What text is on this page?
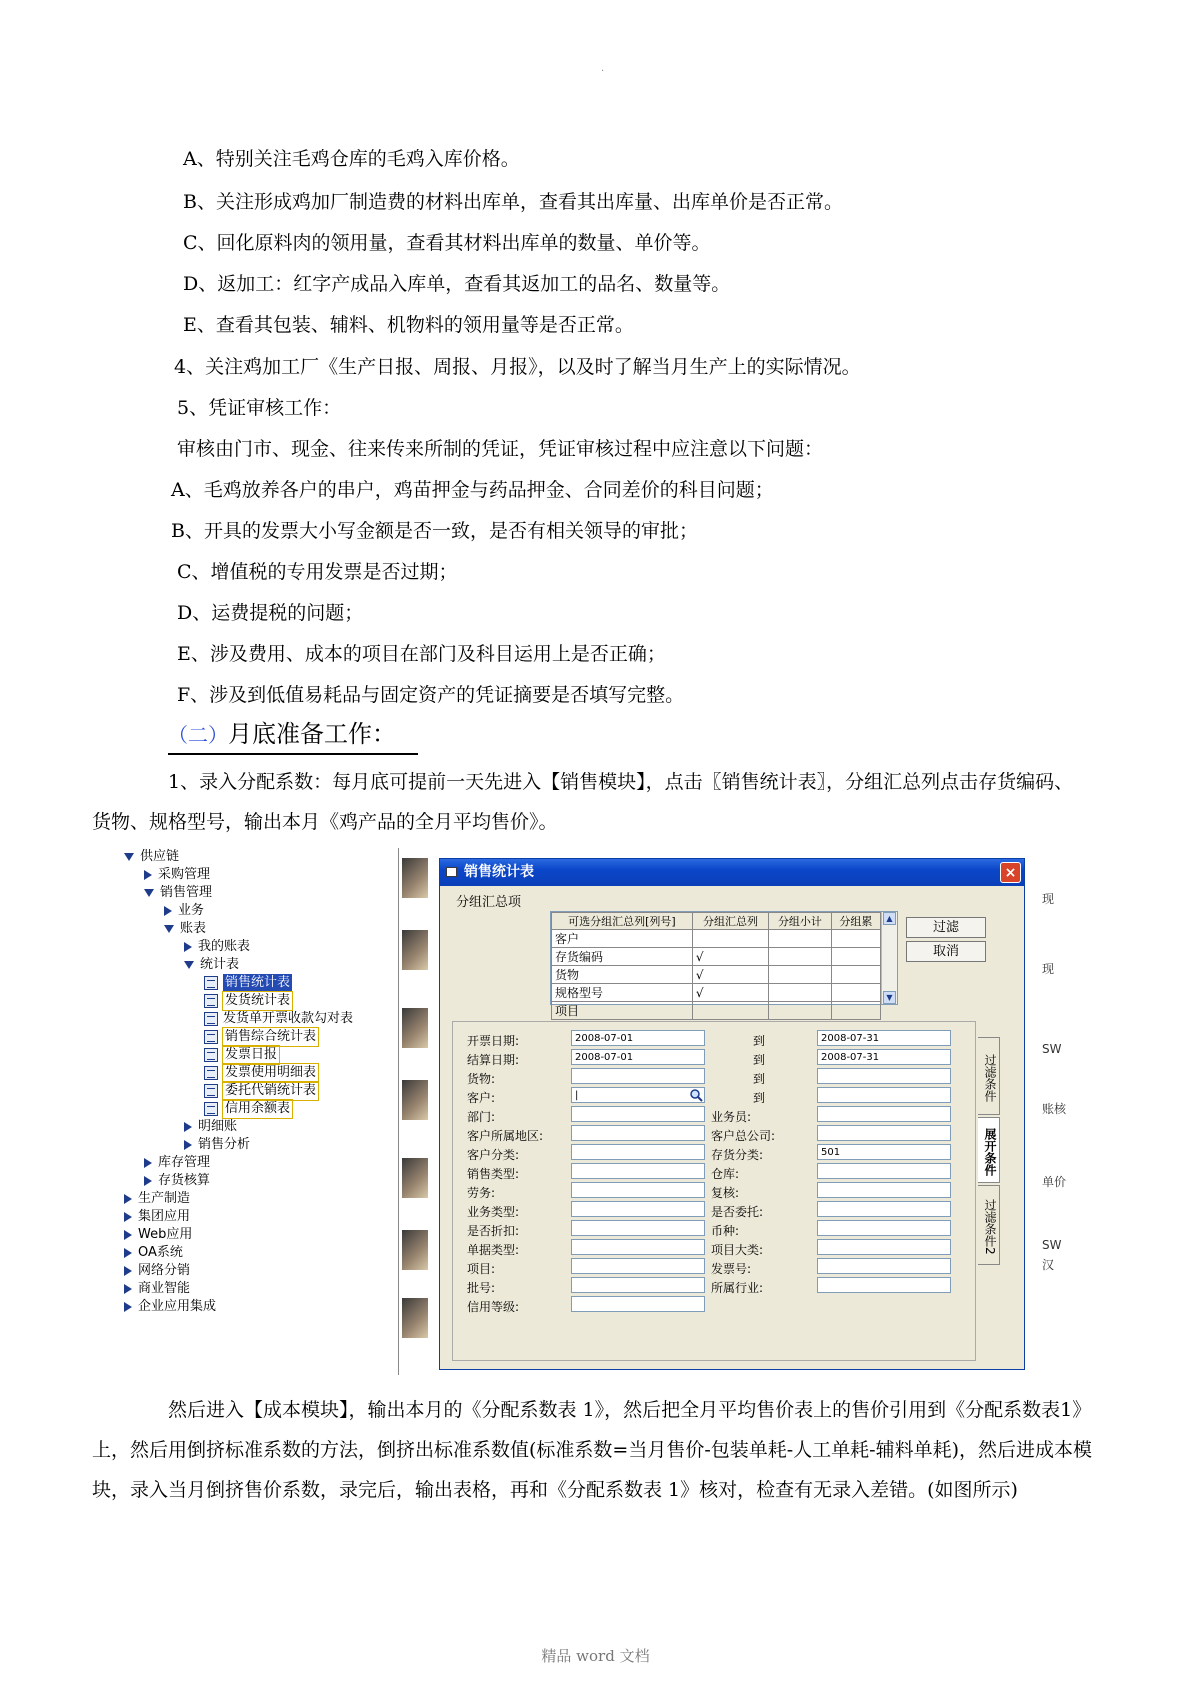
·
A、特别关注毛鸡仓库的毛鸡入库价格。
B、关注形成鸡加厂制造费的材料出库单，查看其出库量、出库单价是否正常。
C、回化原料肉的领用量，查看其材料出库单的数量、单价等。
D、返加工：红字产成品入库单，查看其返加工的品名、数量等。
E、查看其包装、辅料、机物料的领用量等是否正常。
4、关注鸡加工厂《生产日报、周报、月报》，以及时了解当月生产上的实际情况。
5、凭证审核工作：
审核由门市、现金、往来传来所制的凭证，凭证审核过程中应注意以下问题：
A、毛鸡放养各户的串户，鸡苗押金与药品押金、合同差价的科目问题；
B、开具的发票大小写金额是否一致，是否有相关领导的审批；
C、增值税的专用发票是否过期；
D、运费提税的问题；
E、涉及费用、成本的项目在部门及科目运用上是否正确；
F、涉及到低值易耗品与固定资产的凭证摘要是否填写完整。
（二）月底准备工作：
1、录入分配系数：每月底可提前一天先进入【销售模块】，点击〖销售统计表〗，分组汇总列点击存货编码、货物、规格型号，输出本月《鸡产品的全月平均售价》。
供应链
采购管理
销售管理
业务
账表
我的账表
统计表
销售统计表
发货统计表
发货单开票收款勾对表
销售综合统计表
发票日报
发票使用明细表
委托代销统计表
信用余额表
明细账
销售分析
库存管理
存货核算
生产制造
集团应用
Web应用
OA系统
网络分销
商业智能
企业应用集成
现
现
SW
账核
单价
SW
汉
销售统计表	×
分组汇总项
可选分组汇总列[列号]	分组汇总列	分组小计	分组累
客户			
存货编码	√		
货物	√		
规格型号	√		
项目			
▲
▼
过滤
取消
开票日期:	2008-07-01	到	2008-07-31
结算日期:	2008-07-01	到	2008-07-31
货物:	到
客户:	|	到
部门:	业务员:
客户所属地区:	客户总公司:
客户分类:	存货分类:	501
销售类型:	仓库:
劳务:	复核:
业务类型:	是否委托:
是否折扣:	币种:
单据类型:	项目大类:
项目:	发票号:
批号:	所属行业:
信用等级:
过滤条件
展开条件
过滤条件2
然后进入【成本模块】，输出本月的《分配系数表 1》，然后把全月平均售价表上的售价引用到《分配系数表1》上，然后用倒挤标准系数的方法，倒挤出标准系数值(标准系数=当月售价-包装单耗-人工单耗-辅料单耗)，然后进成本模块，录入当月倒挤售价系数，录完后，输出表格，再和《分配系数表 1》核对，检查有无录入差错。(如图所示)
精品 word 文档
